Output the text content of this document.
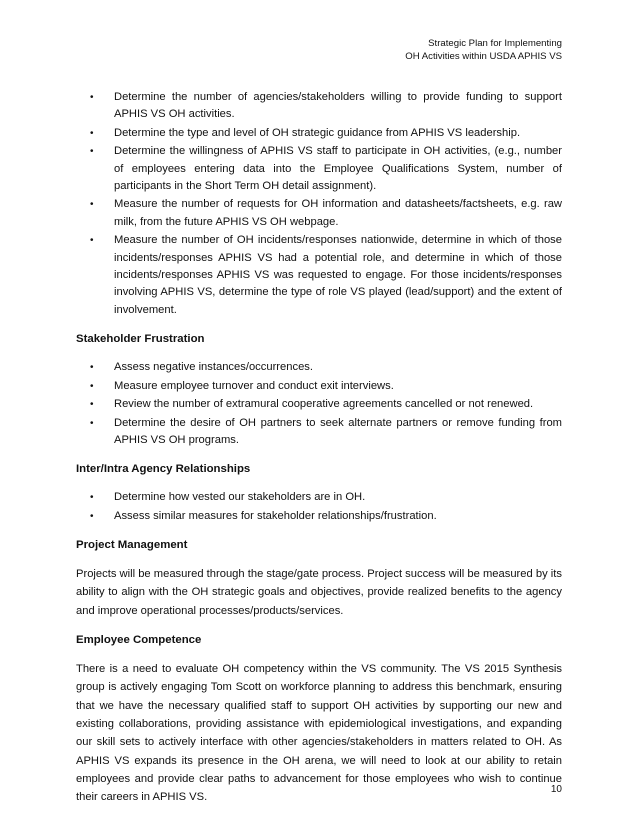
Strategic Plan for Implementing
OH Activities within USDA APHIS VS
• Determine the number of agencies/stakeholders willing to provide funding to support APHIS VS OH activities.
• Determine the type and level of OH strategic guidance from APHIS VS leadership.
• Determine the willingness of APHIS VS staff to participate in OH activities, (e.g., number of employees entering data into the Employee Qualifications System, number of participants in the Short Term OH detail assignment).
• Measure the number of requests for OH information and datasheets/factsheets, e.g. raw milk, from the future APHIS VS OH webpage.
• Measure the number of OH incidents/responses nationwide, determine in which of those incidents/responses APHIS VS had a potential role, and determine in which of those incidents/responses APHIS VS was requested to engage. For those incidents/responses involving APHIS VS, determine the type of role VS played (lead/support) and the extent of involvement.
Stakeholder Frustration
• Assess negative instances/occurrences.
• Measure employee turnover and conduct exit interviews.
• Review the number of extramural cooperative agreements cancelled or not renewed.
• Determine the desire of OH partners to seek alternate partners or remove funding from APHIS VS OH programs.
Inter/Intra Agency Relationships
• Determine how vested our stakeholders are in OH.
• Assess similar measures for stakeholder relationships/frustration.
Project Management

Projects will be measured through the stage/gate process. Project success will be measured by its ability to align with the OH strategic goals and objectives, provide realized benefits to the agency and improve operational processes/products/services.

Employee Competence

There is a need to evaluate OH competency within the VS community. The VS 2015 Synthesis group is actively engaging Tom Scott on workforce planning to address this benchmark, ensuring that we have the necessary qualified staff to support OH activities by supporting our new and existing collaborations, providing assistance with epidemiological investigations, and expanding our skill sets to actively interface with other agencies/stakeholders in matters related to OH. As APHIS VS expands its presence in the OH arena, we will need to look at our ability to retain employees and provide clear paths to advancement for those employees who wish to continue their careers in APHIS VS.

10
